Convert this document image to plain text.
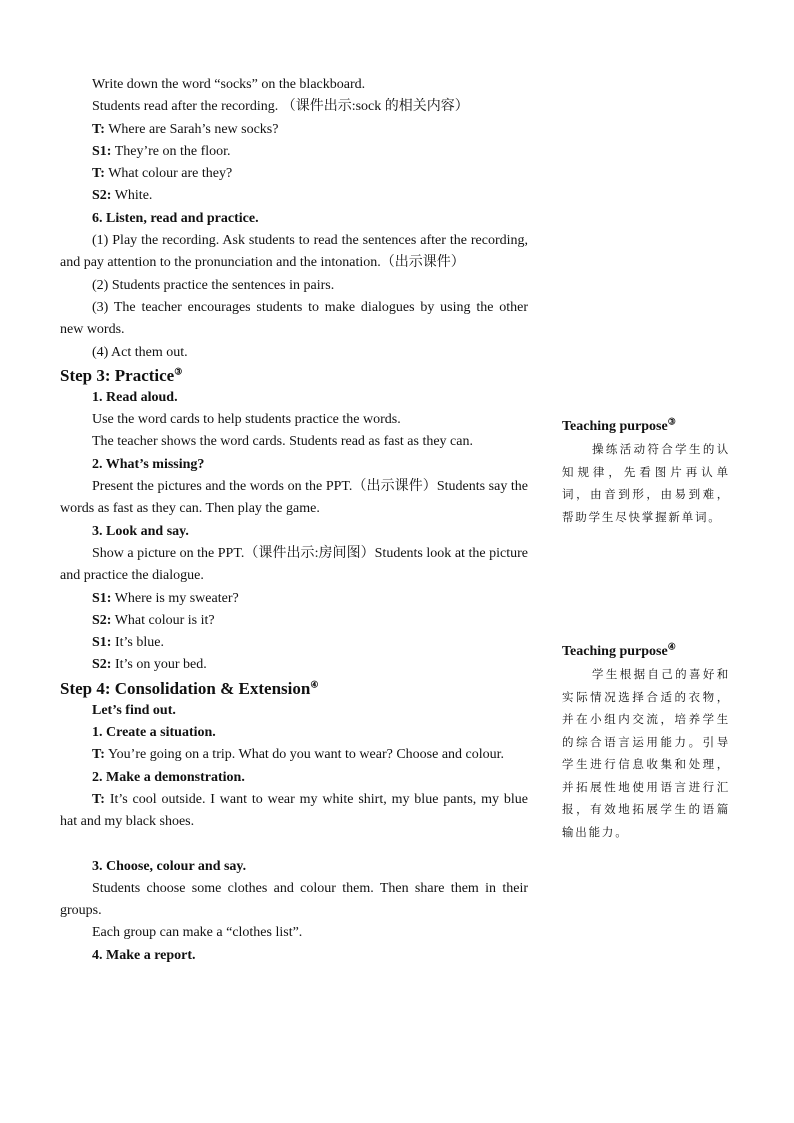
Write down the word “socks” on the blackboard.

Students read after the recording. （课件出示:sock 的相关内容）

T: Where are Sarah’s new socks?

S1: They’re on the floor.

T: What colour are they?

S2: White.

6. Listen, read and practice.

(1) Play the recording. Ask students to read the sentences after the recording, and pay attention to the pronunciation and the intonation.（出示课件）

(2) Students practice the sentences in pairs.

(3) The teacher encourages students to make dialogues by using the other new words.

(4) Act them out.

Step 3: Practice③

1. Read aloud.

Use the word cards to help students practice the words.

The teacher shows the word cards. Students read as fast as they can.

2. What’s missing?

Present the pictures and the words on the PPT.（出示课件）Students say the words as fast as they can. Then play the game.

3. Look and say.

Show a picture on the PPT.（课件出示:房间图）Students look at the picture and practice the dialogue.

S1: Where is my sweater?

S2: What colour is it?

S1: It’s blue.

S2: It’s on your bed.

Step 4: Consolidation & Extension④

Let’s find out.

1. Create a situation.

T: You’re going on a trip. What do you want to wear? Choose and colour.

2. Make a demonstration.

T: It’s cool outside. I want to wear my white shirt, my blue pants, my blue hat and my black shoes.

3. Choose, colour and say.

Students choose some clothes and colour them. Then share them in their groups.

Each group can make a “clothes list”.

4. Make a report.

Teaching purpose③

操练活动符合学生的认知规律，先看图片再认单词，由音到形，由易到难，帮助学生尽快掌握新单词。

Teaching purpose④

学生根据自己的喜好和实际情况选择合适的衣物，并在小组内交流，培养学生的综合语言运用能力。引导学生进行信息收集和处理，并拓展性地使用语言进行汇报，有效地拓展学生的语篇输出能力。
